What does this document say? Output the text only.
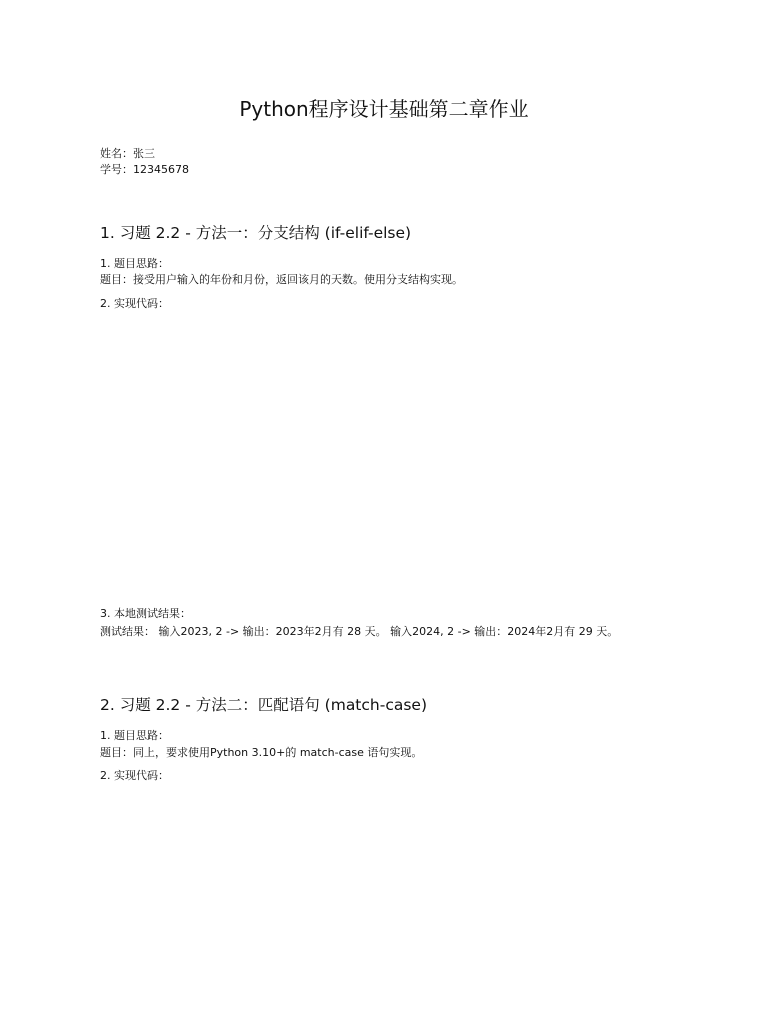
Python程序设计基础第二章作业
姓名：张三
学号：12345678
1. 习题 2.2 - 方法一：分支结构 (if-elif-else)
1. 题目思路：
题目：接受用户输入的年份和月份，返回该月的天数。使用分支结构实现。
2. 实现代码：
3. 本地测试结果：
测试结果： 输入2023, 2 -> 输出：2023年2月有 28 天。 输入2024, 2 -> 输出：2024年2月有 29 天。
2. 习题 2.2 - 方法二：匹配语句 (match-case)
1. 题目思路：
题目：同上，要求使用Python 3.10+的 match-case 语句实现。
2. 实现代码：
